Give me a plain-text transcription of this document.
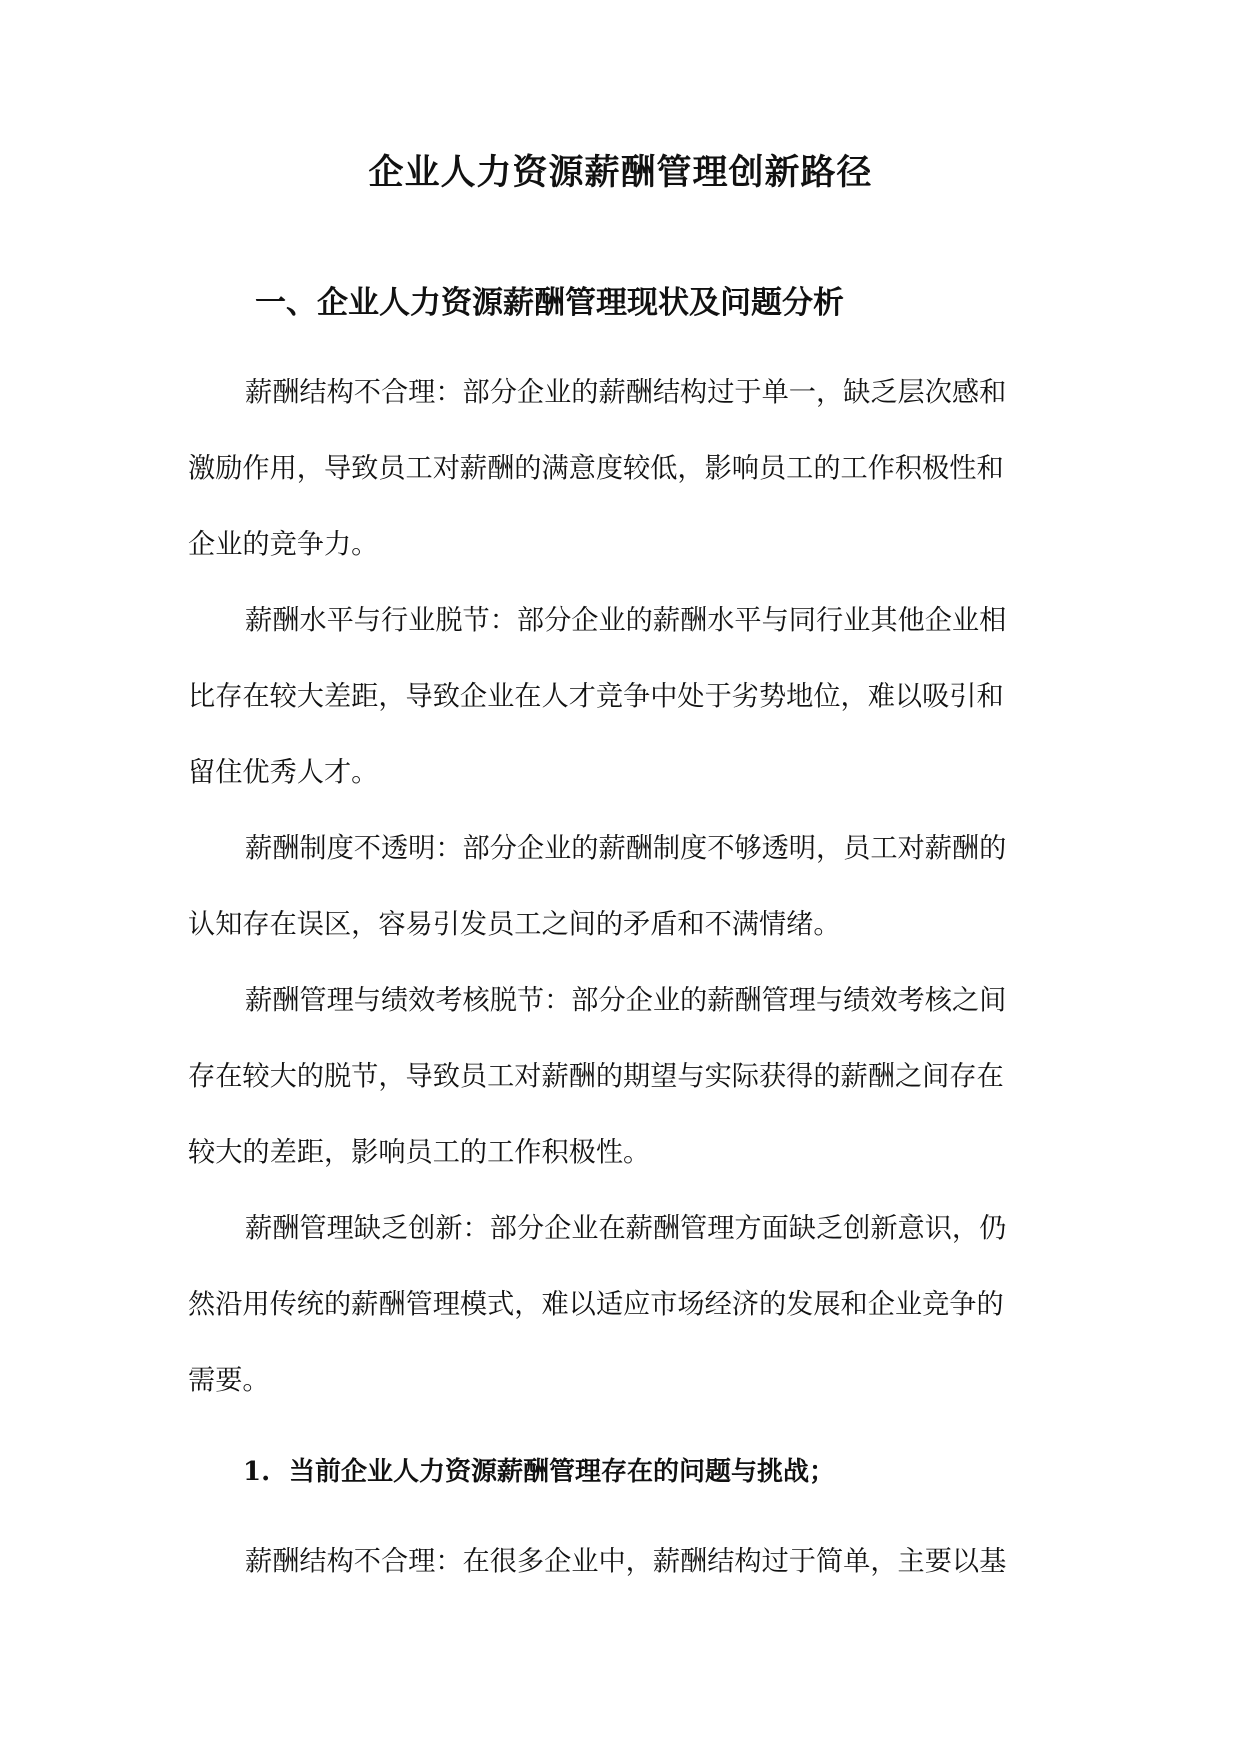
企业人力资源薪酬管理创新路径
一、企业人力资源薪酬管理现状及问题分析

薪酬结构不合理：部分企业的薪酬结构过于单一，缺乏层次感和
激励作用，导致员工对薪酬的满意度较低，影响员工的工作积极性和
企业的竞争力。

薪酬水平与行业脱节：部分企业的薪酬水平与同行业其他企业相
比存在较大差距，导致企业在人才竞争中处于劣势地位，难以吸引和
留住优秀人才。

薪酬制度不透明：部分企业的薪酬制度不够透明，员工对薪酬的
认知存在误区，容易引发员工之间的矛盾和不满情绪。

薪酬管理与绩效考核脱节：部分企业的薪酬管理与绩效考核之间
存在较大的脱节，导致员工对薪酬的期望与实际获得的薪酬之间存在
较大的差距，影响员工的工作积极性。

薪酬管理缺乏创新：部分企业在薪酬管理方面缺乏创新意识，仍
然沿用传统的薪酬管理模式，难以适应市场经济的发展和企业竞争的
需要。

1. 当前企业人力资源薪酬管理存在的问题与挑战；

薪酬结构不合理：在很多企业中，薪酬结构过于简单，主要以基
